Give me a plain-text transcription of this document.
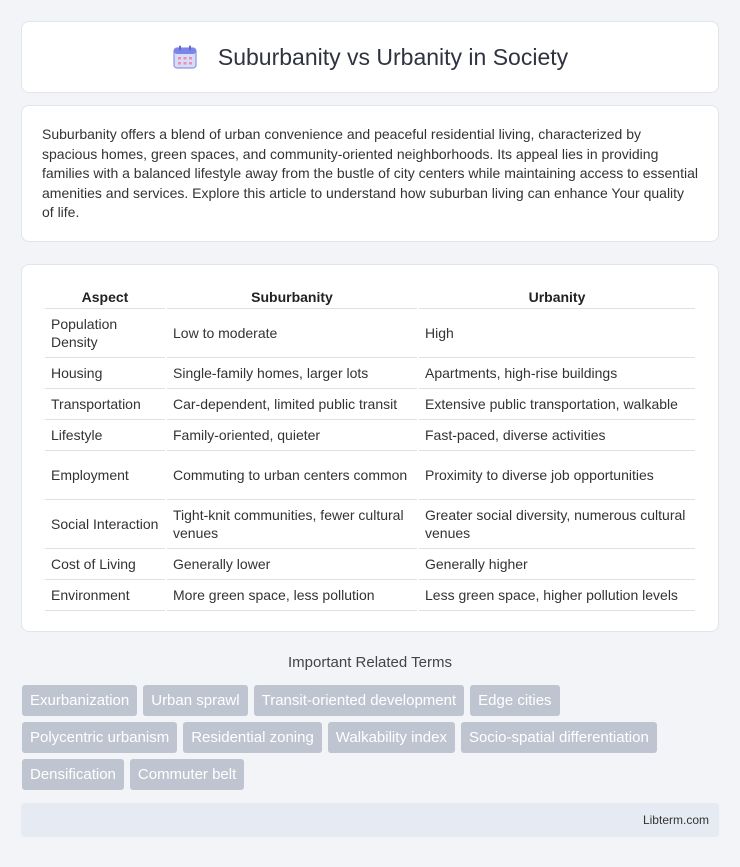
Suburbanity vs Urbanity in Society

Suburbanity offers a blend of urban convenience and peaceful residential living, characterized by spacious homes, green spaces, and community-oriented neighborhoods. Its appeal lies in providing families with a balanced lifestyle away from the bustle of city centers while maintaining access to essential amenities and services. Explore this article to understand how suburban living can enhance Your quality of life.

Aspect	Suburbanity	Urbanity
Population Density	Low to moderate	High
Housing	Single-family homes, larger lots	Apartments, high-rise buildings
Transportation	Car-dependent, limited public transit	Extensive public transportation, walkable
Lifestyle	Family-oriented, quieter	Fast-paced, diverse activities
Employment	Commuting to urban centers common	Proximity to diverse job opportunities
Social Interaction	Tight-knit communities, fewer cultural venues	Greater social diversity, numerous cultural venues
Cost of Living	Generally lower	Generally higher
Environment	More green space, less pollution	Less green space, higher pollution levels
Important Related Terms
Exurbanization	Urban sprawl	Transit-oriented development	Edge cities
Polycentric urbanism	Residential zoning	Walkability index	Socio-spatial differentiation
Densification	Commuter belt
Libterm.com
